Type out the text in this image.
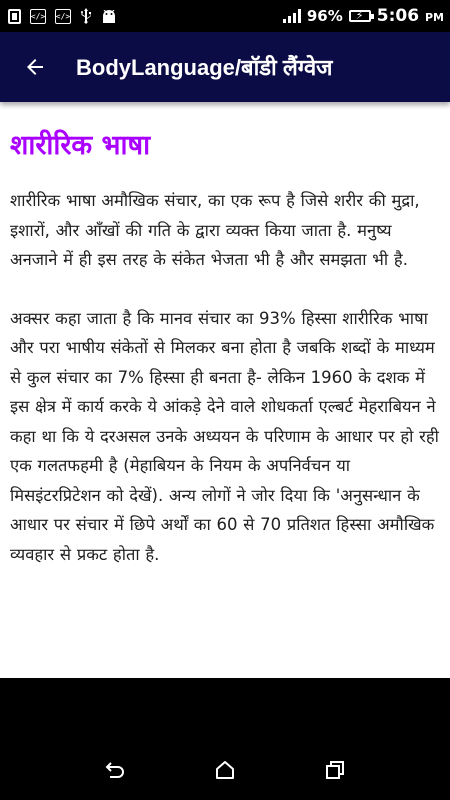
</> </>	96% ⚡ 5:06 PM
BodyLanguage/बॉडी लैंग्वेज
शारीरिक भाषा

शारीरिक भाषा अमौखिक संचार, का एक रूप है जिसे शरीर की मुद्रा, इशारों, और आँखों की गति के द्वारा व्यक्त किया जाता है. मनुष्य अनजाने में ही इस तरह के संकेत भेजता भी है और समझता भी है.

अक्सर कहा जाता है कि मानव संचार का 93% हिस्सा शारीरिक भाषा और परा भाषीय संकेतों से मिलकर बना होता है जबकि शब्दों के माध्यम से कुल संचार का 7% हिस्सा ही बनता है- लेकिन 1960 के दशक में इस क्षेत्र में कार्य करके ये आंकड़े देने वाले शोधकर्ता एल्बर्ट मेहराबियन ने कहा था कि ये दरअसल उनके अध्ययन के परिणाम के आधार पर हो रही एक गलतफहमी है (मेहाबियन के नियम के अपनिर्वचन या मिसइंटरप्रिटेशन को देखें). अन्य लोगों ने जोर दिया कि 'अनुसन्धान के आधार पर संचार में छिपे अर्थों का 60 से 70 प्रतिशत हिस्सा अमौखिक व्यवहार से प्रकट होता है.
